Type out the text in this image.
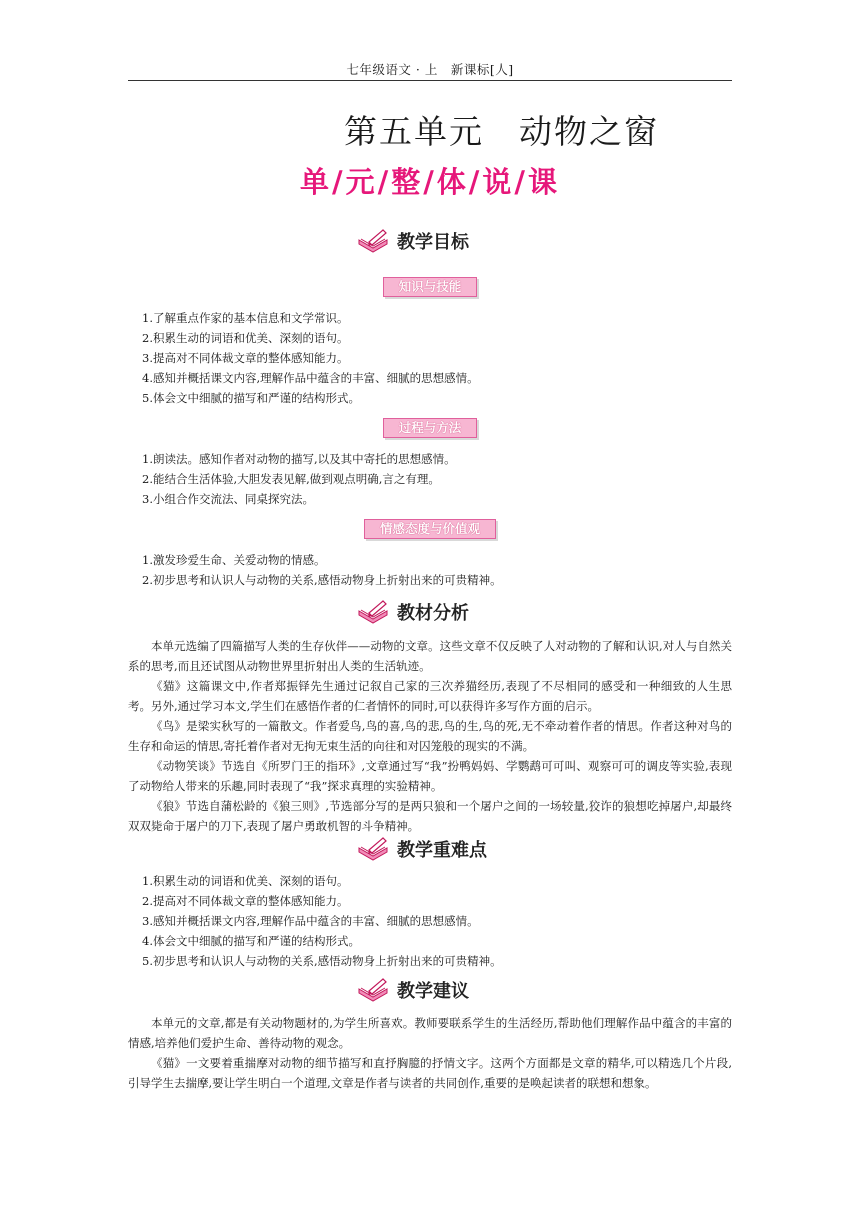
七年级语文 · 上　新课标[人]
第五单元　动物之窗
单/元/整/体/说/课
教学目标
知识与技能
1.了解重点作家的基本信息和文学常识。
2.积累生动的词语和优美、深刻的语句。
3.提高对不同体裁文章的整体感知能力。
4.感知并概括课文内容,理解作品中蕴含的丰富、细腻的思想感情。
5.体会文中细腻的描写和严谨的结构形式。
过程与方法
1.朗读法。感知作者对动物的描写,以及其中寄托的思想感情。
2.能结合生活体验,大胆发表见解,做到观点明确,言之有理。
3.小组合作交流法、同桌探究法。
情感态度与价值观
1.激发珍爱生命、关爱动物的情感。
2.初步思考和认识人与动物的关系,感悟动物身上折射出来的可贵精神。
教材分析

本单元选编了四篇描写人类的生存伙伴——动物的文章。这些文章不仅反映了人对动物的了解和认识,对人与自然关系的思考,而且还试图从动物世界里折射出人类的生活轨迹。

《猫》这篇课文中,作者郑振铎先生通过记叙自己家的三次养猫经历,表现了不尽相同的感受和一种细致的人生思考。另外,通过学习本文,学生们在感悟作者的仁者情怀的同时,可以获得许多写作方面的启示。

《鸟》是梁实秋写的一篇散文。作者爱鸟,鸟的喜,鸟的悲,鸟的生,鸟的死,无不牵动着作者的情思。作者这种对鸟的生存和命运的情思,寄托着作者对无拘无束生活的向往和对囚笼般的现实的不满。

《动物笑谈》节选自《所罗门王的指环》,文章通过写“我”扮鸭妈妈、学鹦鹉可可叫、观察可可的调皮等实验,表现了动物给人带来的乐趣,同时表现了“我”探求真理的实验精神。

《狼》节选自蒲松龄的《狼三则》,节选部分写的是两只狼和一个屠户之间的一场较量,狡诈的狼想吃掉屠户,却最终双双毙命于屠户的刀下,表现了屠户勇敢机智的斗争精神。

教学重难点
1.积累生动的词语和优美、深刻的语句。
2.提高对不同体裁文章的整体感知能力。
3.感知并概括课文内容,理解作品中蕴含的丰富、细腻的思想感情。
4.体会文中细腻的描写和严谨的结构形式。
5.初步思考和认识人与动物的关系,感悟动物身上折射出来的可贵精神。
教学建议

本单元的文章,都是有关动物题材的,为学生所喜欢。教师要联系学生的生活经历,帮助他们理解作品中蕴含的丰富的情感,培养他们爱护生命、善待动物的观念。

《猫》一文要着重揣摩对动物的细节描写和直抒胸臆的抒情文字。这两个方面都是文章的精华,可以精选几个片段,引导学生去揣摩,要让学生明白一个道理,文章是作者与读者的共同创作,重要的是唤起读者的联想和想象。
